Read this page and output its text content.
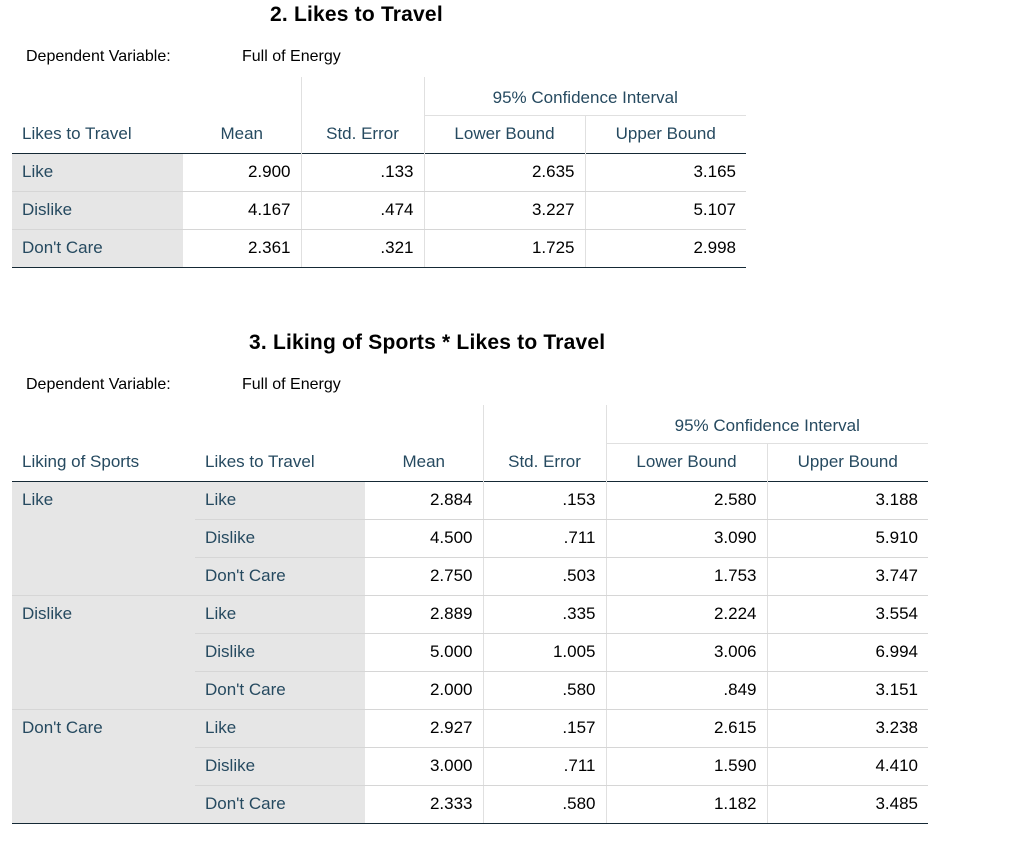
2. Likes to Travel
Dependent Variable:	Full of Energy
			95% Confidence Interval	
Likes to Travel	Mean	Std. Error	Lower Bound	Upper Bound
Like	2.900	.133	2.635	3.165
Dislike	4.167	.474	3.227	5.107
Don't Care	2.361	.321	1.725	2.998
3. Liking of Sports * Likes to Travel
Dependent Variable:	Full of Energy
				95% Confidence Interval	
Liking of Sports	Likes to Travel	Mean	Std. Error	Lower Bound	Upper Bound
Like	Like	2.884	.153	2.580	3.188
	Dislike	4.500	.711	3.090	5.910
	Don't Care	2.750	.503	1.753	3.747
Dislike	Like	2.889	.335	2.224	3.554
	Dislike	5.000	1.005	3.006	6.994
	Don't Care	2.000	.580	.849	3.151
Don't Care	Like	2.927	.157	2.615	3.238
	Dislike	3.000	.711	1.590	4.410
	Don't Care	2.333	.580	1.182	3.485
